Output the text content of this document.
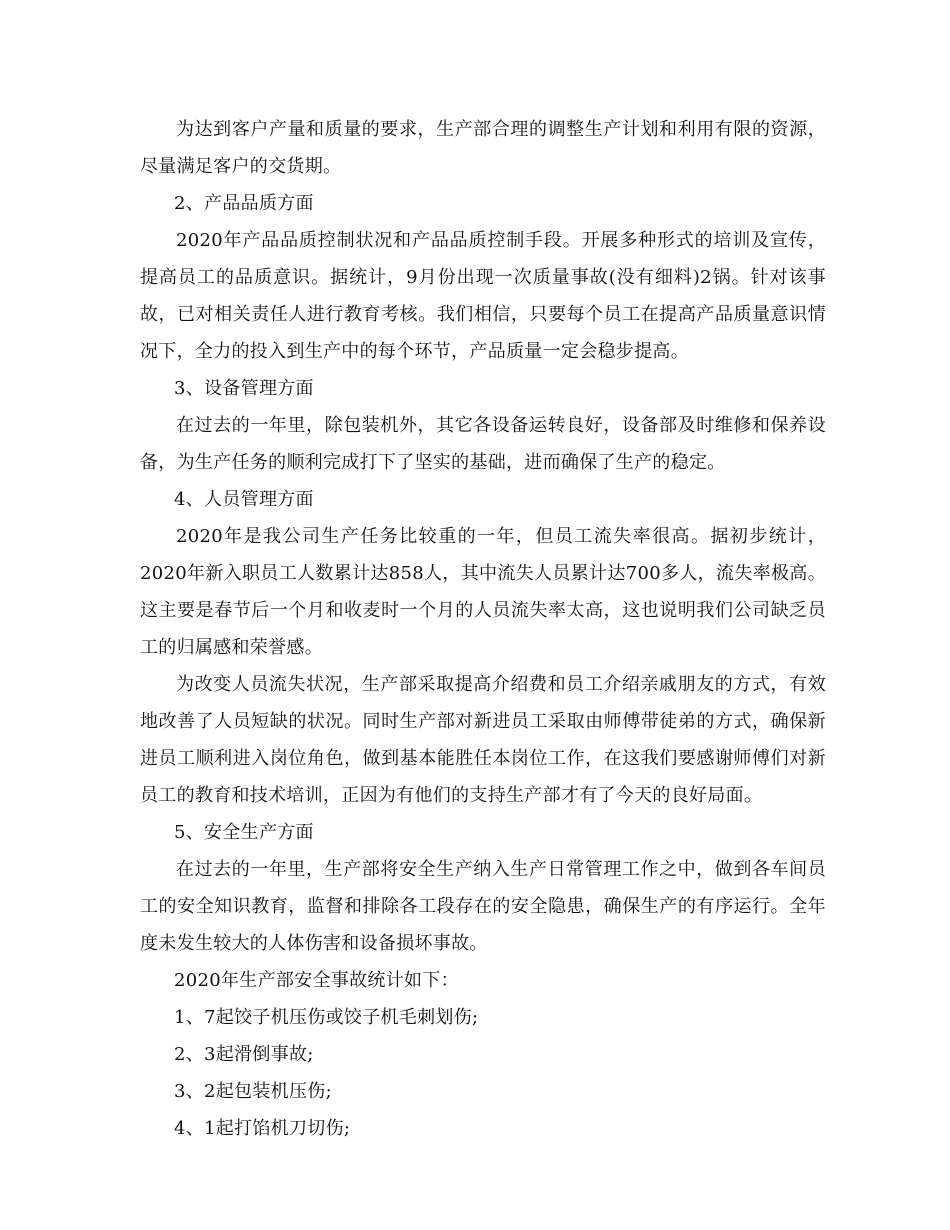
为达到客户产量和质量的要求，生产部合理的调整生产计划和利用有限的资源，尽量满足客户的交货期。

2、产品品质方面

2020年产品品质控制状况和产品品质控制手段。开展多种形式的培训及宣传，提高员工的品质意识。据统计，9月份出现一次质量事故(没有细料)2锅。针对该事故，已对相关责任人进行教育考核。我们相信，只要每个员工在提高产品质量意识情况下，全力的投入到生产中的每个环节，产品质量一定会稳步提高。

3、设备管理方面

在过去的一年里，除包装机外，其它各设备运转良好，设备部及时维修和保养设备，为生产任务的顺利完成打下了坚实的基础，进而确保了生产的稳定。

4、人员管理方面

2020年是我公司生产任务比较重的一年，但员工流失率很高。据初步统计，2020年新入职员工人数累计达858人，其中流失人员累计达700多人，流失率极高。这主要是春节后一个月和收麦时一个月的人员流失率太高，这也说明我们公司缺乏员工的归属感和荣誉感。

为改变人员流失状况，生产部采取提高介绍费和员工介绍亲戚朋友的方式，有效地改善了人员短缺的状况。同时生产部对新进员工采取由师傅带徒弟的方式，确保新进员工顺利进入岗位角色，做到基本能胜任本岗位工作，在这我们要感谢师傅们对新员工的教育和技术培训，正因为有他们的支持生产部才有了今天的良好局面。

5、安全生产方面

在过去的一年里，生产部将安全生产纳入生产日常管理工作之中，做到各车间员工的安全知识教育，监督和排除各工段存在的安全隐患，确保生产的有序运行。全年度未发生较大的人体伤害和设备损坏事故。

2020年生产部安全事故统计如下：

1、7起饺子机压伤或饺子机毛刺划伤;

2、3起滑倒事故;

3、2起包装机压伤;

4、1起打馅机刀切伤;
